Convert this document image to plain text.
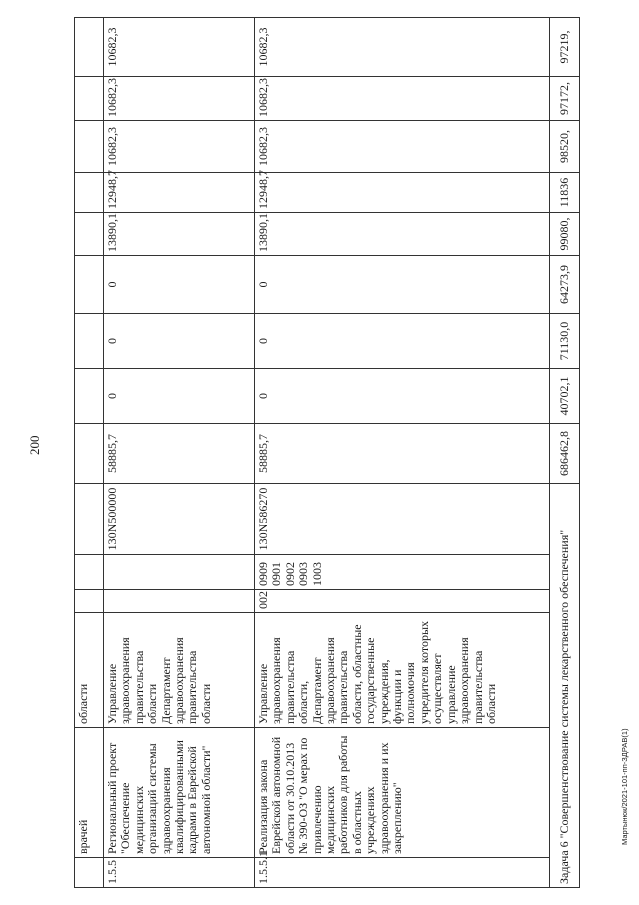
200
Мартынюк/2021-101-пп-ЗДРАВ(1)
	врачей	области												
1.5.5	Региональный проект "Обеспечение медицинских организаций системы здравоохранения квалифицированными кадрами в Еврейской автономной области"	Управление здравоохранения правительства области Департамент здравоохранения правительства области			130N500000	58885,7	0	0	0	13890,1	12948,7	10682,3	10682,3	10682,3
1.5.5.1	Реализация закона Еврейской автономной области от 30.10.2013 № 390-ОЗ "О мерах по привлечению медицинских работников для работы в областных учреждениях здравоохранения и их закреплению"	Управление здравоохранения правительства области, Департамент здравоохранения правительства области, областные государственные учреждения, функции и полномочия учредителя которых осуществляет управление здравоохранения правительства области	002	0909 0901 0902 0903 1003	130N586270	58885,7	0	0	0	13890,1	12948,7	10682,3	10682,3	10682,3
Задача 6 "Совершенствование системы лекарственного обеспечения"						686462,8	40702,1	71130,0	64273,9	99080,	11836	98520,	97172,	97219,
